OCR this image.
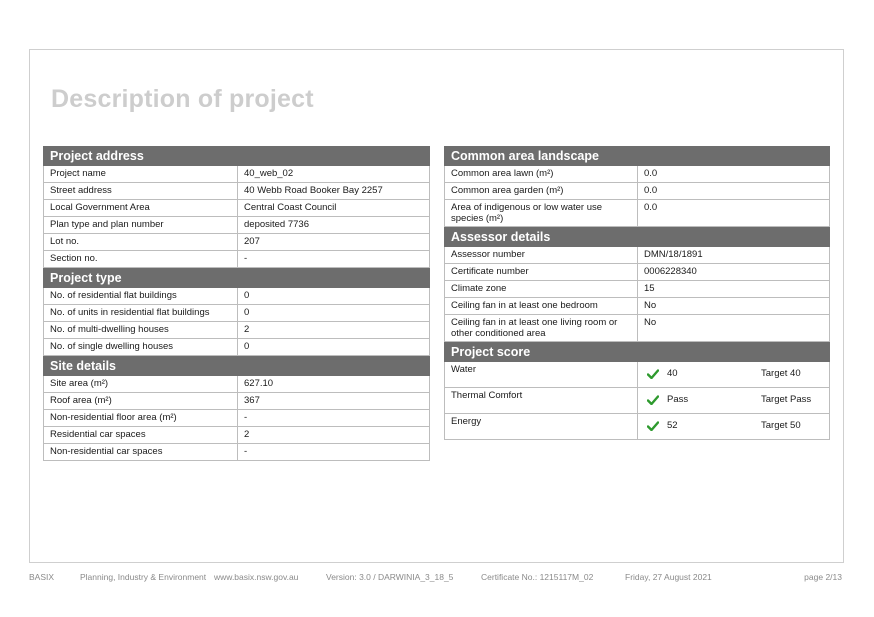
Description of project
Project address
Project name	40_web_02
Street address	40 Webb Road Booker Bay 2257
Local Government Area	Central Coast Council
Plan type and plan number	deposited 7736
Lot no.	207
Section no.	-
Project type
No. of residential flat buildings	0
No. of units in residential flat buildings	0
No. of multi-dwelling houses	2
No. of single dwelling houses	0
Site details
Site area (m²)	627.10
Roof area (m²)	367
Non-residential floor area (m²)	-
Residential car spaces	2
Non-residential car spaces	-
Common area landscape
Common area lawn (m²)	0.0
Common area garden (m²)	0.0
Area of indigenous or low water use species (m²)	0.0
Assessor details
Assessor number	DMN/18/1891
Certificate number	0006228340
Climate zone	15
Ceiling fan in at least one bedroom	No
Ceiling fan in at least one living room or other conditioned area	No
Project score
Water	40 Target 40

Thermal Comfort	Pass Target Pass

Energy	52 Target 50
BASIX	Planning, Industry & Environment www.basix.nsw.gov.au	Version: 3.0 / DARWINIA_3_18_5	Certificate No.: 1215117M_02	Friday, 27 August 2021	page 2/13
